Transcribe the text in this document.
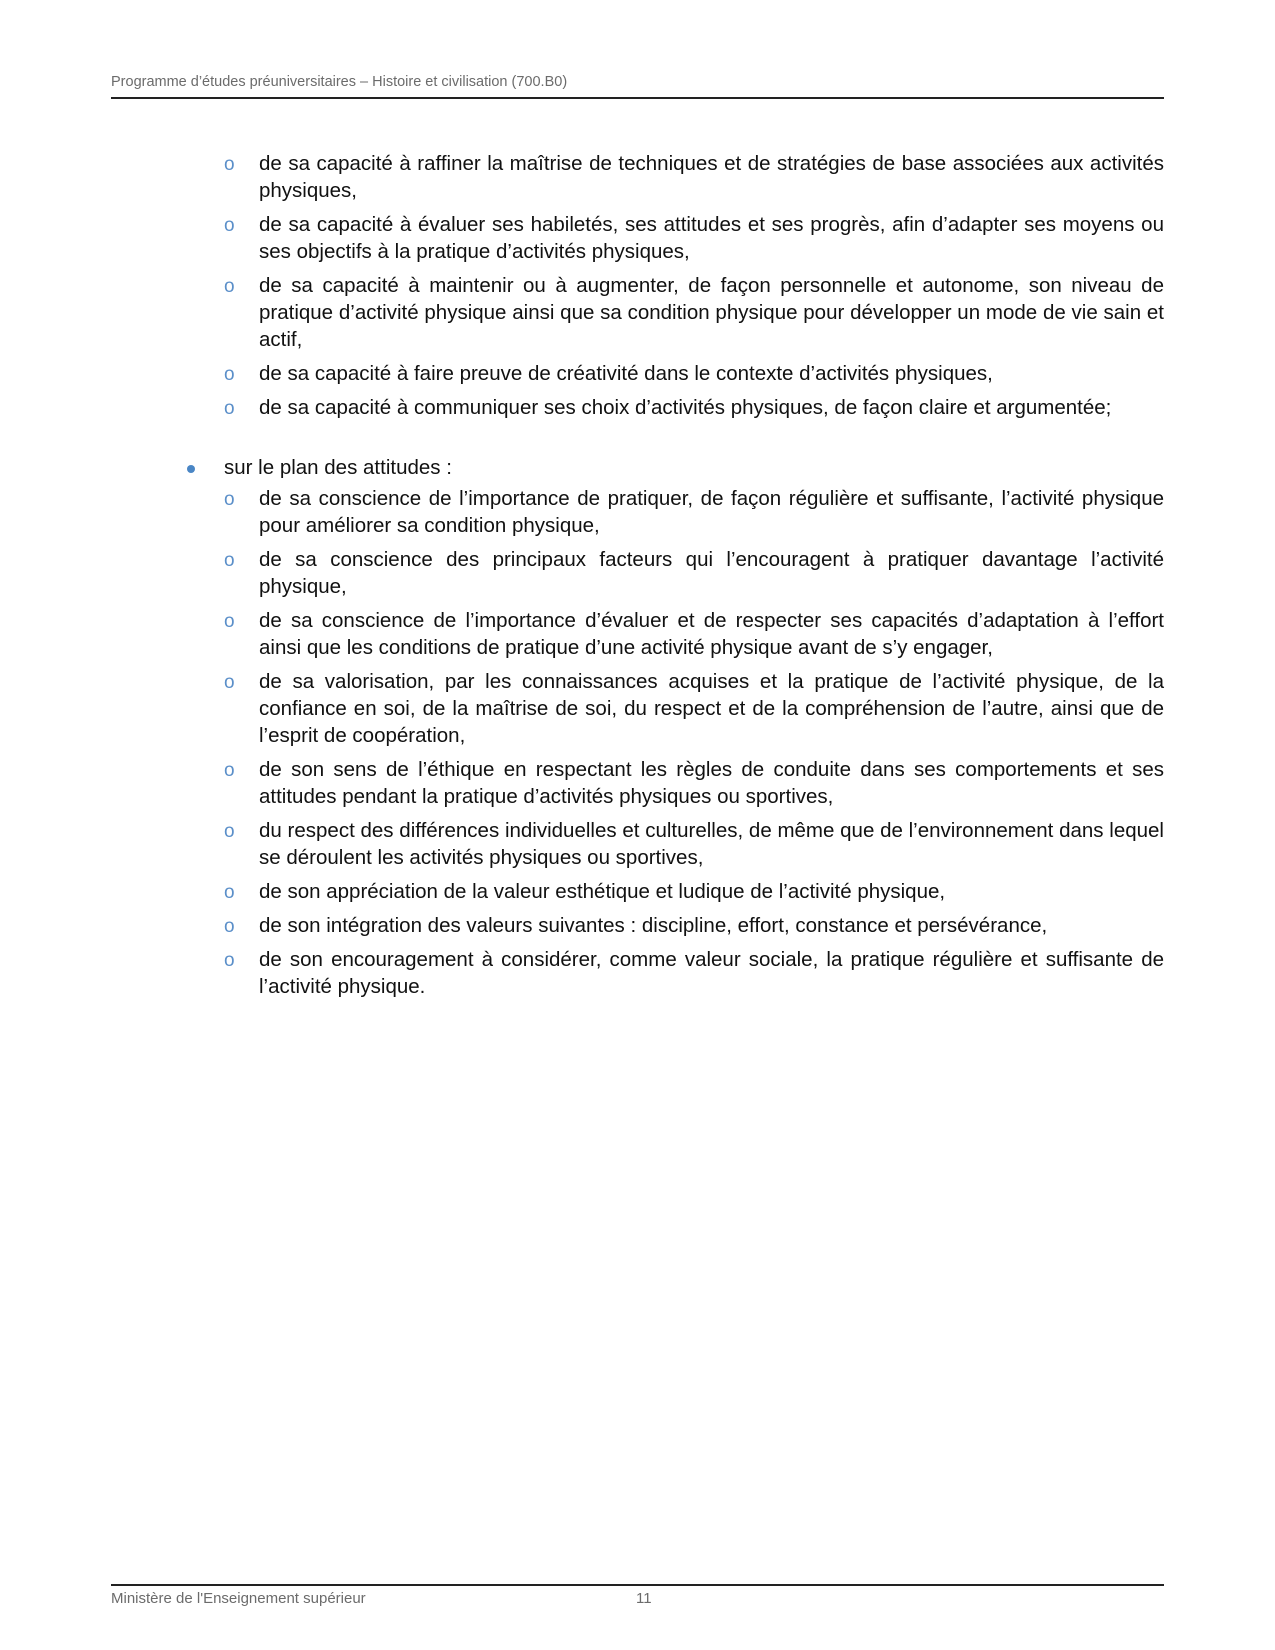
Programme d’études préuniversitaires – Histoire et civilisation (700.B0)
o de sa capacité à raffiner la maîtrise de techniques et de stratégies de base associées aux activités physiques,
o de sa capacité à évaluer ses habiletés, ses attitudes et ses progrès, afin d’adapter ses moyens ou ses objectifs à la pratique d’activités physiques,
o de sa capacité à maintenir ou à augmenter, de façon personnelle et autonome, son niveau de pratique d’activité physique ainsi que sa condition physique pour développer un mode de vie sain et actif,
o de sa capacité à faire preuve de créativité dans le contexte d’activités physiques,
o de sa capacité à communiquer ses choix d’activités physiques, de façon claire et argumentée;
sur le plan des attitudes :
o de sa conscience de l’importance de pratiquer, de façon régulière et suffisante, l’activité physique pour améliorer sa condition physique,
o de sa conscience des principaux facteurs qui l’encouragent à pratiquer davantage l’activité physique,
o de sa conscience de l’importance d’évaluer et de respecter ses capacités d’adaptation à l’effort ainsi que les conditions de pratique d’une activité physique avant de s’y engager,
o de sa valorisation, par les connaissances acquises et la pratique de l’activité physique, de la confiance en soi, de la maîtrise de soi, du respect et de la compréhension de l’autre, ainsi que de l’esprit de coopération,
o de son sens de l’éthique en respectant les règles de conduite dans ses comportements et ses attitudes pendant la pratique d’activités physiques ou sportives,
o du respect des différences individuelles et culturelles, de même que de l’environnement dans lequel se déroulent les activités physiques ou sportives,
o de son appréciation de la valeur esthétique et ludique de l’activité physique,
o de son intégration des valeurs suivantes : discipline, effort, constance et persévérance,
o de son encouragement à considérer, comme valeur sociale, la pratique régulière et suffisante de l’activité physique.
Ministère de l'Enseignement supérieur	11
